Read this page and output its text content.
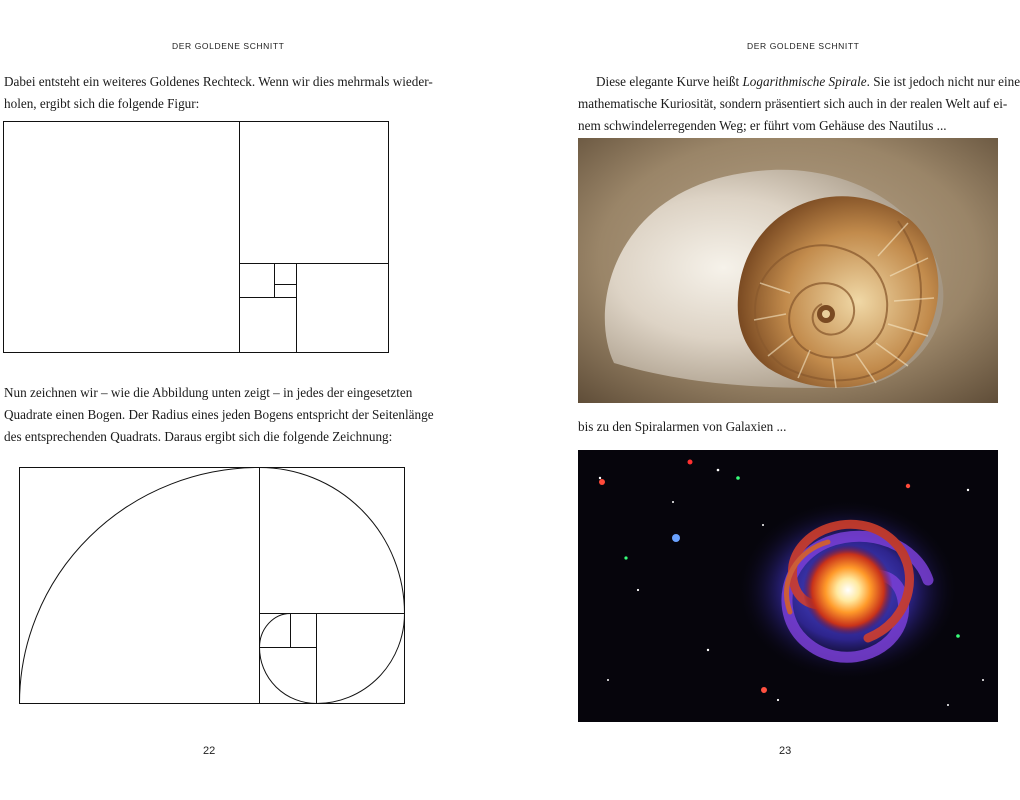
DER GOLDENE SCHNITT

Dabei entsteht ein weiteres Goldenes Rechteck. Wenn wir dies mehrmals wieder-
holen, ergibt sich die folgende Figur:

Nun zeichnen wir – wie die Abbildung unten zeigt – in jedes der eingesetzten
Quadrate einen Bogen. Der Radius eines jeden Bogens entspricht der Seitenlänge
des entsprechenden Quadrats. Daraus ergibt sich die folgende Zeichnung:

22
DER GOLDENE SCHNITT

Diese elegante Kurve heißt Logarithmische Spirale. Sie ist jedoch nicht nur eine
mathematische Kuriosität, sondern präsentiert sich auch in der realen Welt auf ei-
nem schwindelerregenden Weg; er führt vom Gehäuse des Nautilus ...

bis zu den Spiralarmen von Galaxien ...

23
